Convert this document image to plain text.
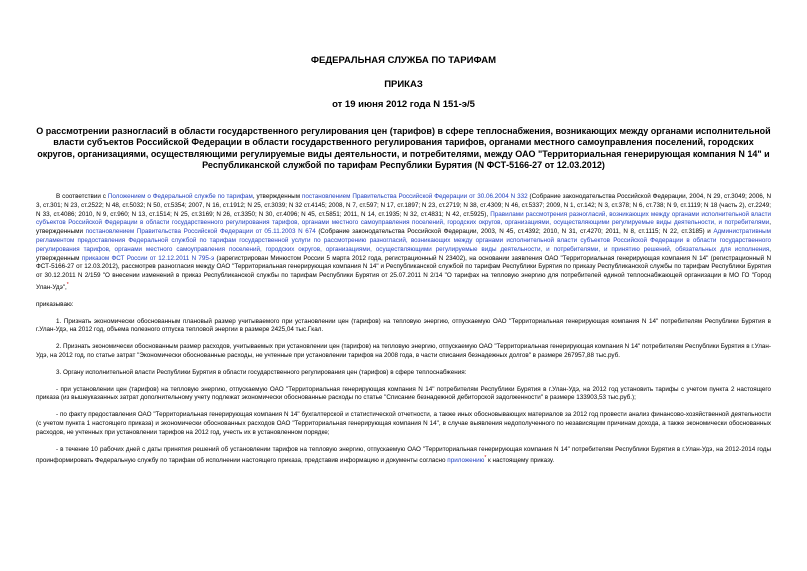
ФЕДЕРАЛЬНАЯ СЛУЖБА ПО ТАРИФАМ
ПРИКАЗ
от 19 июня 2012 года N 151-э/5
О рассмотрении разногласий в области государственного регулирования цен (тарифов) в сфере теплоснабжения, возникающих между органами исполнительной власти субъектов Российской Федерации в области государственного регулирования тарифов, органами местного самоуправления поселений, городских округов, организациями, осуществляющими регулируемые виды деятельности, и потребителями, между ОАО "Территориальная генерирующая компания N 14" и Республиканской службой по тарифам Республики Бурятия (N ФСТ-5166-27 от 12.03.2012)

В соответствии с Положением о Федеральной службе по тарифам, утвержденным постановлением Правительства Российской Федерации от 30.06.2004 N 332 (Собрание законодательства Российской Федерации, 2004, N 29, ст.3049; 2006, N 3, ст.301; N 23, ст.2522; N 48, ст.5032; N 50, ст.5354; 2007, N 16, ст.1912; N 25, ст.3039; N 32 ст.4145; 2008, N 7, ст.597; N 17, ст.1897; N 23, ст.2719; N 38, ст.4309; N 46, ст.5337; 2009, N 1, ст.142; N 3, ст.378; N 6, ст.738; N 9, ст.1119; N 18 (часть 2), ст.2249; N 33, ст.4086; 2010, N 9, ст.960; N 13, ст.1514; N 25, ст.3169; N 26, ст.3350; N 30, ст.4096; N 45, ст.5851; 2011, N 14, ст.1935; N 32, ст.4831; N 42, ст.5925), Правилами рассмотрения разногласий, возникающих между органами исполнительной власти субъектов Российской Федерации в области государственного регулирования тарифов, органами местного самоуправления поселений, городских округов, организациями, осуществляющими регулируемые виды деятельности, и потребителями, утвержденными постановлением Правительства Российской Федерации от 05.11.2003 N 674 (Собрание законодательства Российской Федерации, 2003, N 45, ст.4392; 2010, N 31, ст.4270; 2011, N 8, ст.1115; N 22, ст.3185) и Административным регламентом предоставления Федеральной службой по тарифам государственной услуги по рассмотрению разногласий, возникающих между органами исполнительной власти субъектов Российской Федерации в области государственного регулирования тарифов, органами местного самоуправления поселений, городских округов, организациями, осуществляющими регулируемые виды деятельности, и потребителями, и принятию решений, обязательных для исполнения, утвержденным приказом ФСТ России от 12.12.2011 N 795-э (зарегистрирован Минюстом России 5 марта 2012 года, регистрационный N 23402), на основании заявления ОАО "Территориальная генерирующая компания N 14" (регистрационный N ФСТ-5166-27 от 12.03.2012), рассмотрев разногласия между ОАО "Территориальная генерирующая компания N 14" и Республиканской службой по тарифам Республики Бурятия по приказу Республиканской службы по тарифам Республики Бурятия от 30.12.2011 N 2/159 "О внесении изменений в приказ Республиканской службы по тарифам Республики Бурятия от 25.07.2011 N 2/14 "О тарифах на тепловую энергию для потребителей единой теплоснабжающей организации в МО ГО "Город Улан-Удэ",*

приказываю:

1. Признать экономически обоснованным плановый размер учитываемого при установлении цен (тарифов) на тепловую энергию, отпускаемую ОАО "Территориальная генерирующая компания N 14" потребителям Республики Бурятия в г.Улан-Удэ, на 2012 год, объема полезного отпуска тепловой энергии в размере 2425,04 тыс.Гкал.

2. Признать экономически обоснованным размер расходов, учитываемых при установлении цен (тарифов) на тепловую энергию, отпускаемую ОАО "Территориальная генерирующая компания N 14" потребителям Республики Бурятия в г.Улан-Удэ, на 2012 год, по статье затрат "Экономически обоснованные расходы, не учтенные при установлении тарифов на 2008 года, в части списания безнадежных долгов" в размере 267957,88 тыс.руб.

3. Органу исполнительной власти Республики Бурятия в области государственного регулирования цен (тарифов) в сфере теплоснабжения:

- при установлении цен (тарифов) на тепловую энергию, отпускаемую ОАО "Территориальная генерирующая компания N 14" потребителям Республики Бурятия в г.Улан-Удэ, на 2012 год установить тарифы с учетом пункта 2 настоящего приказа (из вышеуказанных затрат дополнительному учету подлежат экономически обоснованные расходы по статье "Списание безнадежной дебиторской задолженности" в размере 133903,53 тыс.руб.);

- по факту предоставления ОАО "Территориальная генерирующая компания N 14" бухгалтерской и статистической отчетности, а также иных обосновывающих материалов за 2012 год провести анализ финансово-хозяйственной деятельности (с учетом пункта 1 настоящего приказа) и экономически обоснованных расходов ОАО "Территориальная генерирующая компания N 14", в случае выявления недополученного по независящим причинам дохода, а также экономически обоснованных расходов, не учтенных при установлении тарифов на 2012 год, учесть их в установленном порядке;

- в течение 10 рабочих дней с даты принятия решений об установлении тарифов на тепловую энергию, отпускаемую ОАО "Территориальная генерирующая компания N 14" потребителям Республики Бурятия в г.Улан-Удэ, на 2012-2014 годы проинформировать Федеральную службу по тарифам об исполнении настоящего приказа, представив информацию и документы согласно приложению* к настоящему приказу.
